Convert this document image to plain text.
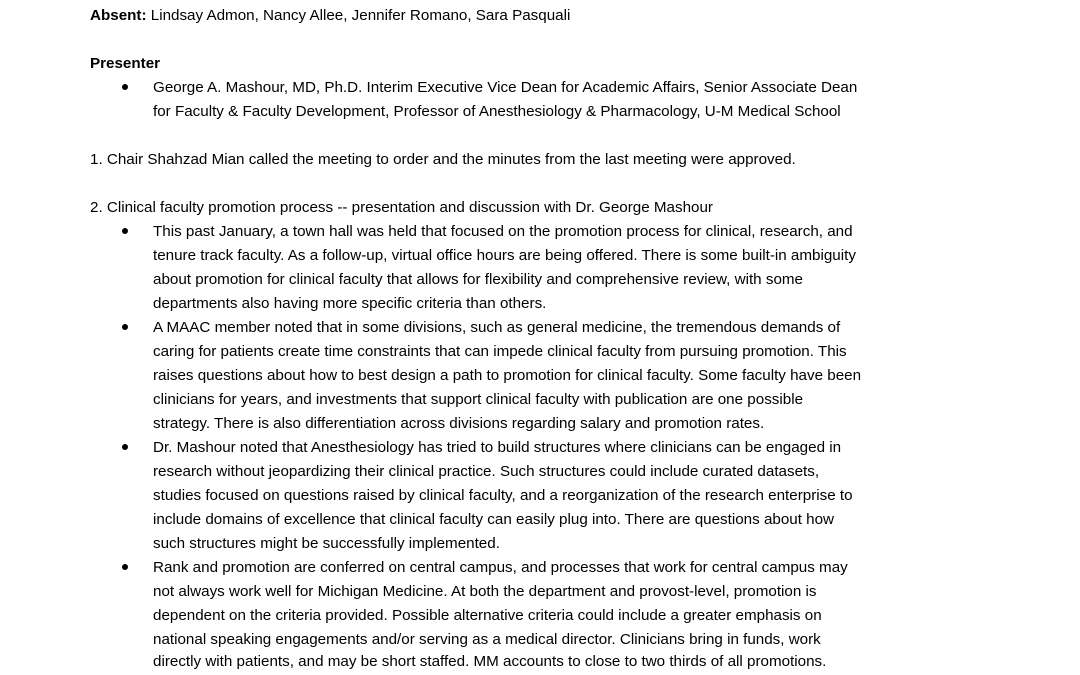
Absent: Lindsay Admon, Nancy Allee, Jennifer Romano, Sara Pasquali
Presenter
George A. Mashour, MD, Ph.D. Interim Executive Vice Dean for Academic Affairs, Senior Associate Dean
for Faculty & Faculty Development, Professor of Anesthesiology & Pharmacology, U-M Medical School
1. Chair Shahzad Mian called the meeting to order and the minutes from the last meeting were approved.
2. Clinical faculty promotion process -- presentation and discussion with Dr. George Mashour
This past January, a town hall was held that focused on the promotion process for clinical, research, and
tenure track faculty. As a follow-up, virtual office hours are being offered. There is some built-in ambiguity
about promotion for clinical faculty that allows for flexibility and comprehensive review, with some
departments also having more specific criteria than others.
A MAAC member noted that in some divisions, such as general medicine, the tremendous demands of
caring for patients create time constraints that can impede clinical faculty from pursuing promotion. This
raises questions about how to best design a path to promotion for clinical faculty. Some faculty have been
clinicians for years, and investments that support clinical faculty with publication are one possible
strategy. There is also differentiation across divisions regarding salary and promotion rates.
Dr. Mashour noted that Anesthesiology has tried to build structures where clinicians can be engaged in
research without jeopardizing their clinical practice. Such structures could include curated datasets,
studies focused on questions raised by clinical faculty, and a reorganization of the research enterprise to
include domains of excellence that clinical faculty can easily plug into. There are questions about how
such structures might be successfully implemented.
Rank and promotion are conferred on central campus, and processes that work for central campus may
not always work well for Michigan Medicine. At both the department and provost-level, promotion is
dependent on the criteria provided. Possible alternative criteria could include a greater emphasis on
national speaking engagements and/or serving as a medical director. Clinicians bring in funds, work
directly with patients, and may be short staffed. MM accounts to close to two thirds of all promotions.
